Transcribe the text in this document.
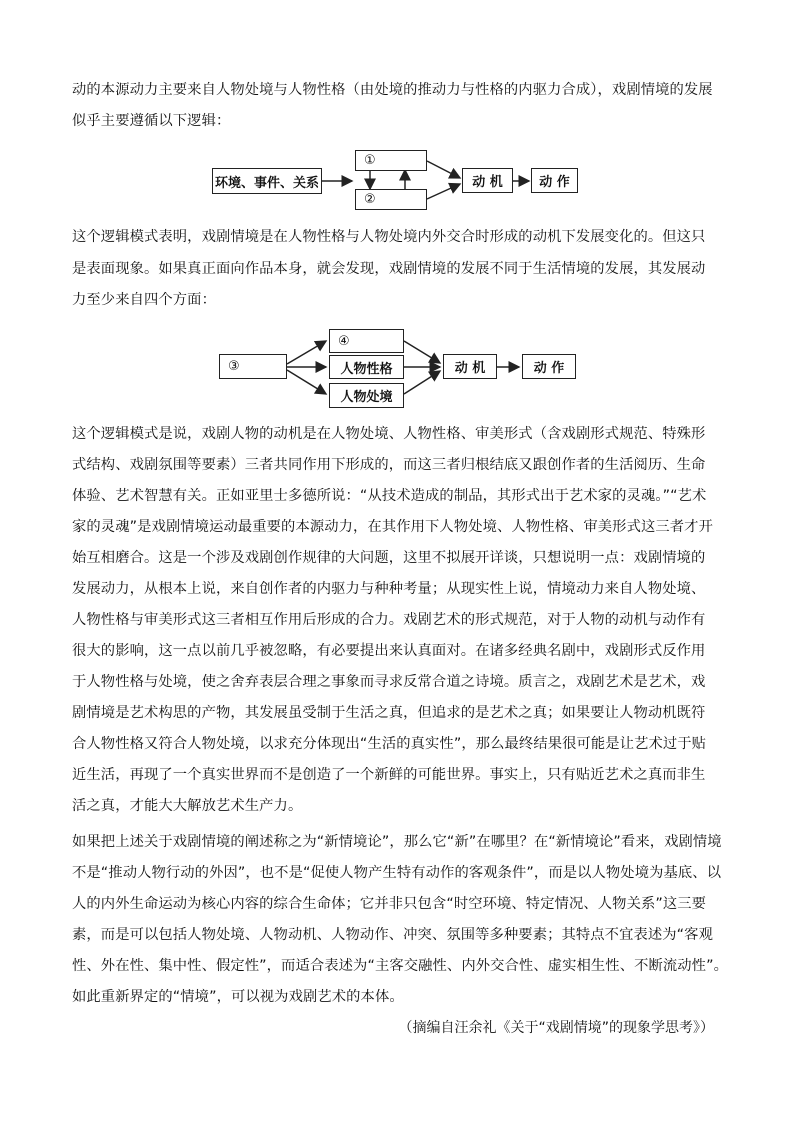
动的本源动力主要来自人物处境与人物性格（由处境的推动力与性格的内驱力合成），戏剧情境的发展
似乎主要遵循以下逻辑：
环境、事件、关系
①
②
动 机	动 作
这个逻辑模式表明，戏剧情境是在人物性格与人物处境内外交合时形成的动机下发展变化的。但这只
是表面现象。如果真正面向作品本身，就会发现，戏剧情境的发展不同于生活情境的发展，其发展动
力至少来自四个方面：
③
④
人物性格
人物处境
动 机	动 作
这个逻辑模式是说，戏剧人物的动机是在人物处境、人物性格、审美形式（含戏剧形式规范、特殊形
式结构、戏剧氛围等要素）三者共同作用下形成的，而这三者归根结底又跟创作者的生活阅历、生命
体验、艺术智慧有关。正如亚里士多德所说：“从技术造成的制品，其形式出于艺术家的灵魂。”“艺术
家的灵魂”是戏剧情境运动最重要的本源动力，在其作用下人物处境、人物性格、审美形式这三者才开
始互相磨合。这是一个涉及戏剧创作规律的大问题，这里不拟展开详谈，只想说明一点：戏剧情境的
发展动力，从根本上说，来自创作者的内驱力与种种考量；从现实性上说，情境动力来自人物处境、
人物性格与审美形式这三者相互作用后形成的合力。戏剧艺术的形式规范，对于人物的动机与动作有
很大的影响，这一点以前几乎被忽略，有必要提出来认真面对。在诸多经典名剧中，戏剧形式反作用
于人物性格与处境，使之舍弃表层合理之事象而寻求反常合道之诗境。质言之，戏剧艺术是艺术，戏
剧情境是艺术构思的产物，其发展虽受制于生活之真，但追求的是艺术之真；如果要让人物动机既符
合人物性格又符合人物处境，以求充分体现出“生活的真实性”，那么最终结果很可能是让艺术过于贴
近生活，再现了一个真实世界而不是创造了一个新鲜的可能世界。事实上，只有贴近艺术之真而非生
活之真，才能大大解放艺术生产力。
如果把上述关于戏剧情境的阐述称之为“新情境论”，那么它“新”在哪里？在“新情境论”看来，戏剧情境
不是“推动人物行动的外因”，也不是“促使人物产生特有动作的客观条件”，而是以人物处境为基底、以
人的内外生命运动为核心内容的综合生命体；它并非只包含“时空环境、特定情况、人物关系”这三要
素，而是可以包括人物处境、人物动机、人物动作、冲突、氛围等多种要素；其特点不宜表述为“客观
性、外在性、集中性、假定性”，而适合表述为“主客交融性、内外交合性、虚实相生性、不断流动性”。
如此重新界定的“情境”，可以视为戏剧艺术的本体。
（摘编自汪余礼《关于“戏剧情境”的现象学思考》）
